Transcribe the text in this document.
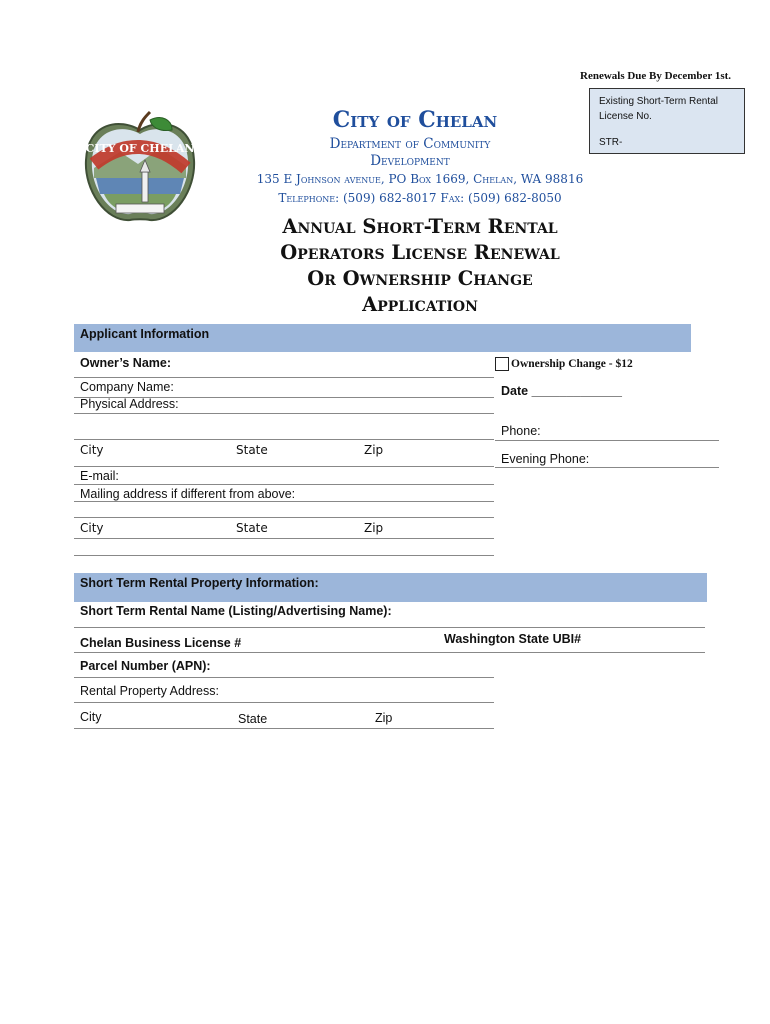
Renewals Due By December 1st.
Existing Short-Term Rental License No.
STR-
CITY OF CHELAN
City of Chelan
Department of Community
Development
135 E Johnson avenue, PO Box 1669, Chelan, WA 98816
Telephone: (509) 682-8017 Fax: (509) 682-8050
Annual Short-Term Rental
Operators License Renewal
Or Ownership Change
Application
Applicant Information
Owner’s Name:	Ownership Change - $12
Company Name:	Date _____________
Physical Address:
Phone:
City	State	Zip
Evening Phone:
E-mail:
Mailing address if different from above:
City	State	Zip
Short Term Rental Property Information:
Short Term Rental Name (Listing/Advertising Name):
Chelan Business License #	Washington State UBI#
Parcel Number (APN):
Rental Property Address:
City	State	Zip
